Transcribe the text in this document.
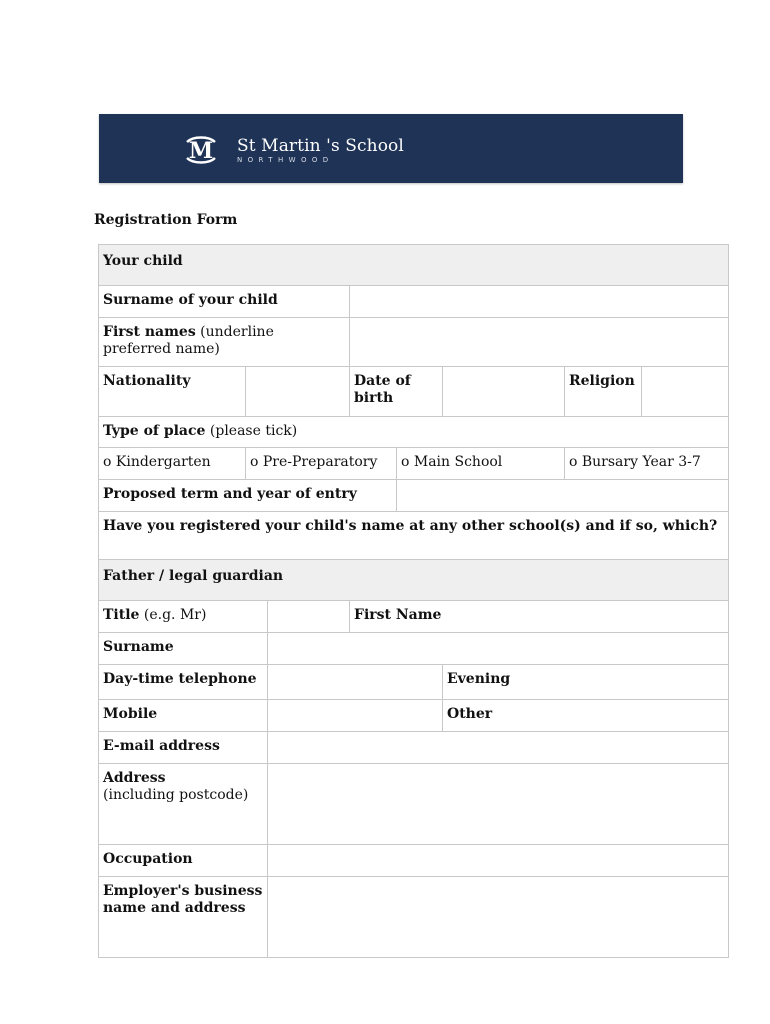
M St Martin 's School
NORTHWOOD
Registration Form
Your child							
Surname of your child							
First names (underline preferred name)							
Nationality			Date of birth			Religion	
Type of place (please tick)							
o Kindergarten	o Pre-Preparatory			o Main School		o Bursary Year 3-7	
Proposed term and year of entry							
Have you registered your child's name at any other school(s) and if so, which?							
Father / legal guardian							
Title (e.g. Mr)			First Name				
Surname							
Day-time telephone					Evening		
Mobile					Other		
E-mail address							

Address
(including postcode)							

Occupation							
Employer's business name and address							
